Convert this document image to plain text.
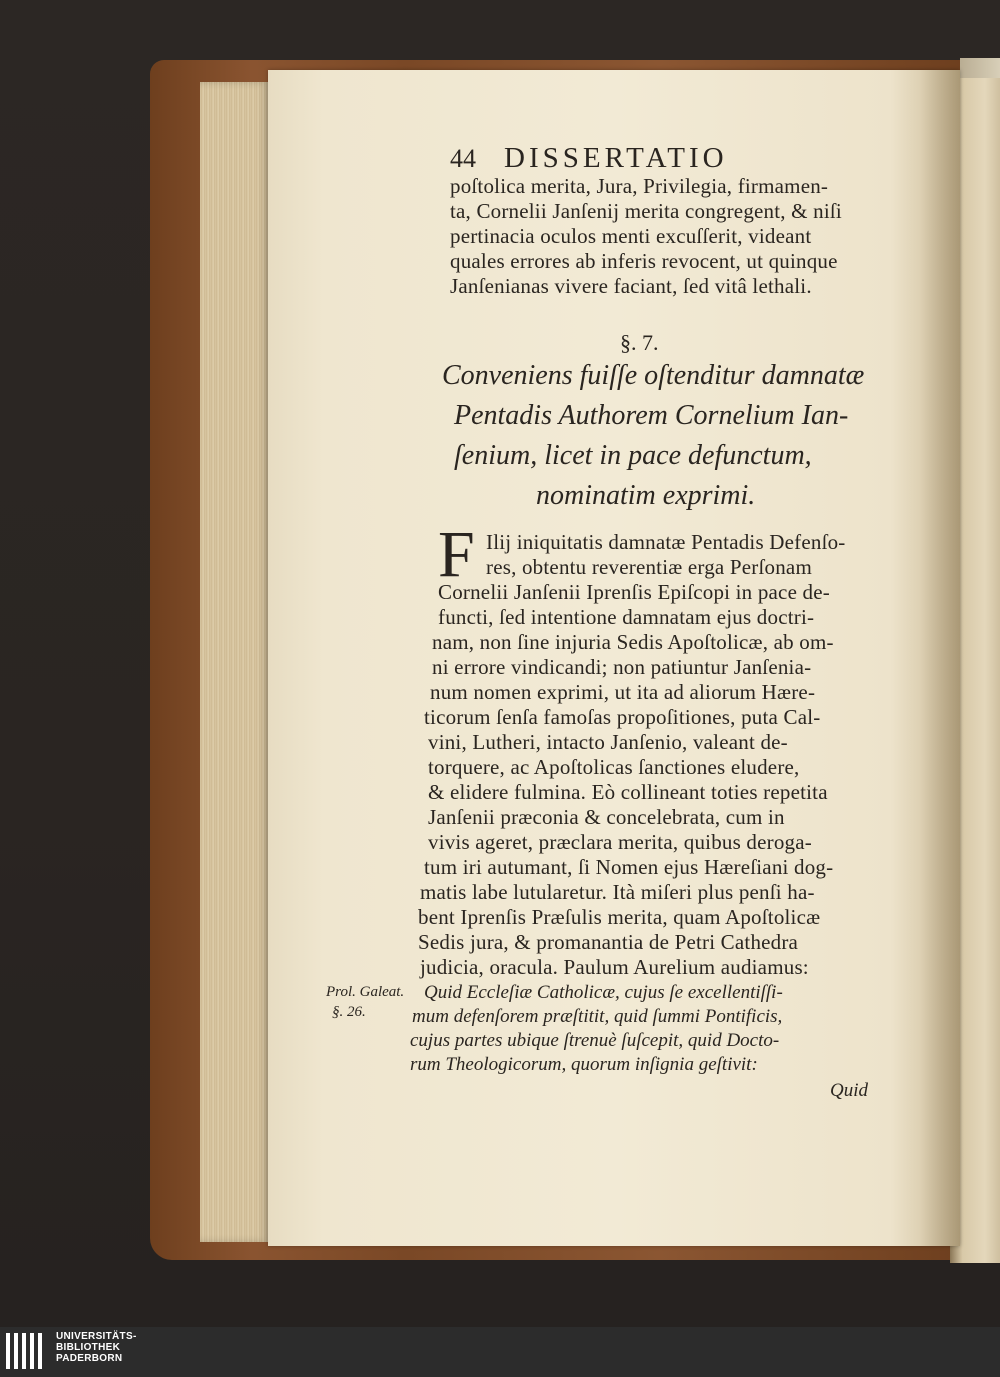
44 DISSERTATIO
poſtolica merita, Jura, Privilegia, firmamen-
ta, Cornelii Janſenij merita congregent, & niſi
pertinacia oculos menti excuſſerit, videant
quales errores ab inferis revocent, ut quinque
Janſenianas vivere faciant, ſed vitâ lethali.
§. 7.
Conveniens fuiſſe oſtenditur damnatæ
Pentadis Authorem Cornelium Ian-
ſenium, licet in pace defunctum,
nominatim exprimi.
F Ilij iniquitatis damnatæ Pentadis Defenſo-
res, obtentu reverentiæ erga Perſonam
Cornelii Janſenii Iprenſis Epiſcopi in pace de-
functi, ſed intentione damnatam ejus doctri-
nam, non ſine injuria Sedis Apoſtolicæ, ab om-
ni errore vindicandi; non patiuntur Janſenia-
num nomen exprimi, ut ita ad aliorum Hære-
ticorum ſenſa famoſas propoſitiones, puta Cal-
vini, Lutheri, intacto Janſenio, valeant de-
torquere, ac Apoſtolicas ſanctiones eludere,
& elidere fulmina. Eò collineant toties repetita
Janſenii præconia & concelebrata, cum in
vivis ageret, præclara merita, quibus deroga-
tum iri autumant, ſi Nomen ejus Hæreſiani dog-
matis labe lutularetur. Ità miſeri plus penſi ha-
bent Iprenſis Præſulis merita, quam Apoſtolicæ
Sedis jura, & promanantia de Petri Cathedra
judicia, oracula. Paulum Aurelium audiamus:
Quid Eccleſiæ Catholicæ, cujus ſe excellentiſſi-
mum defenſorem præſtitit, quid ſummi Pontificis,
cujus partes ubique ſtrenuè ſuſcepit, quid Docto-
rum Theologicorum, quorum inſignia geſtivit:
Quid
Prol. Galeat.
§. 26.
UNIVERSITÄTS-
BIBLIOTHEK
PADERBORN
